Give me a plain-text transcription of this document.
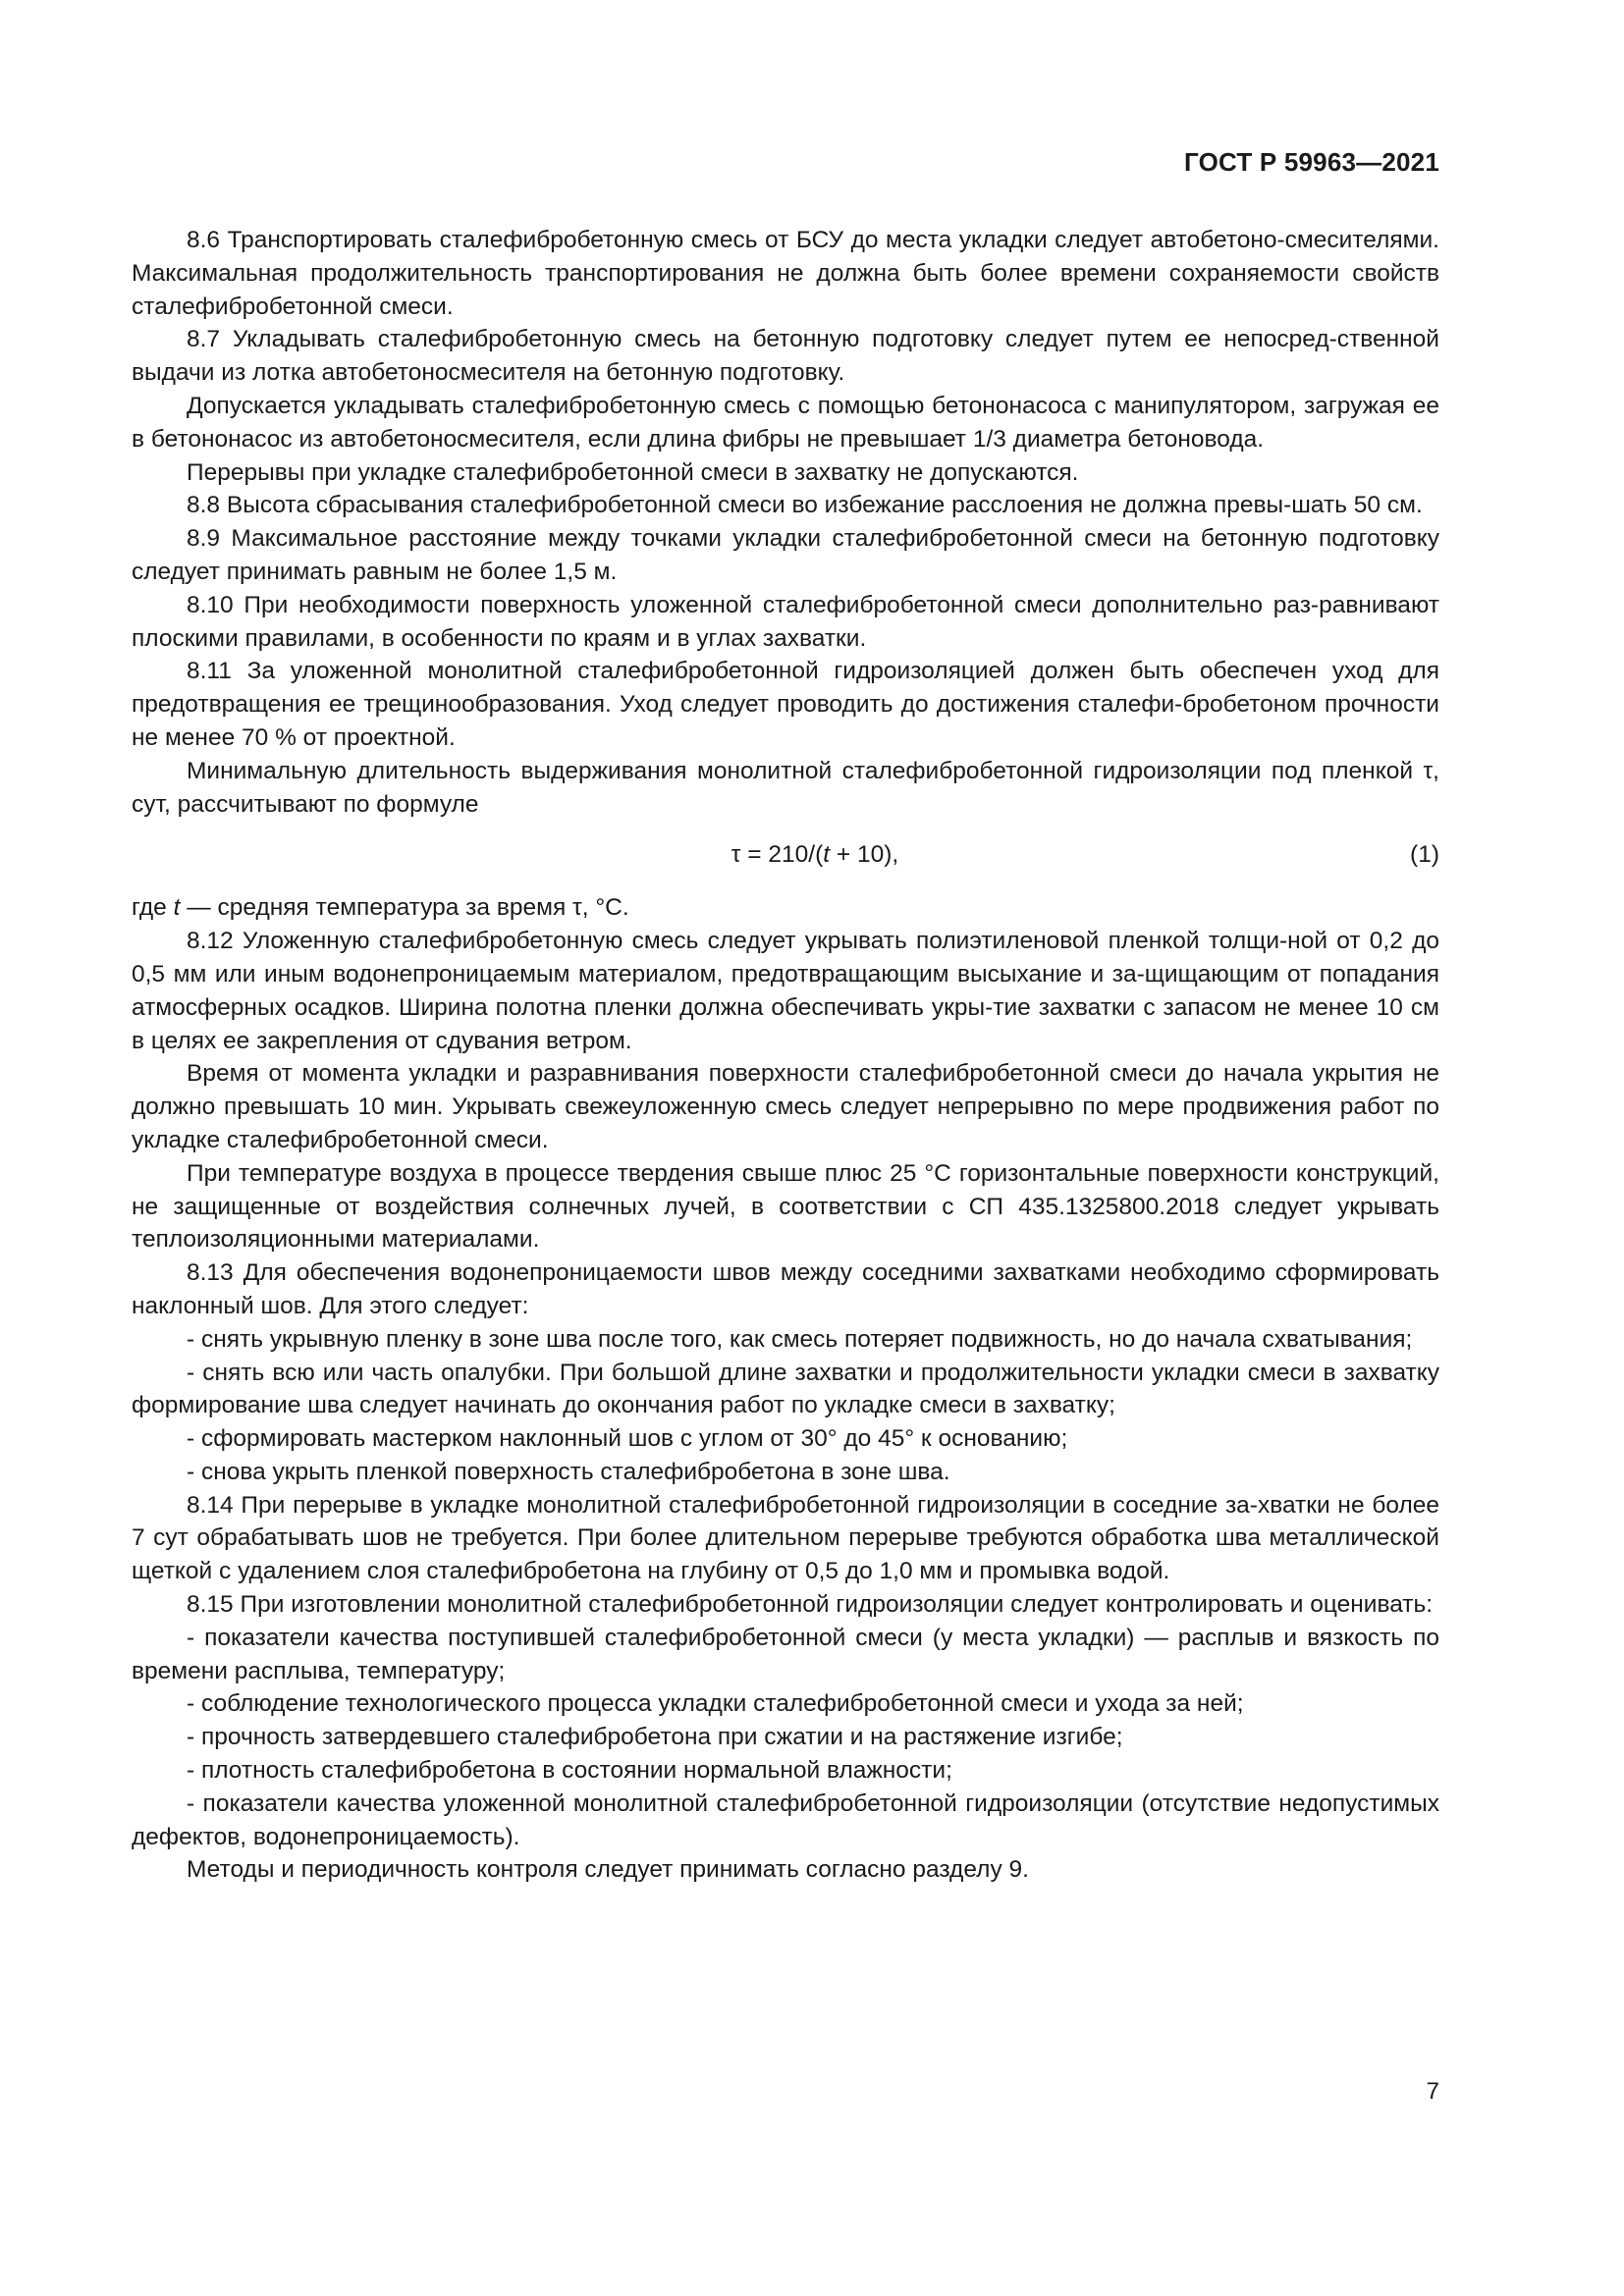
ГОСТ Р 59963—2021

8.6 Транспортировать сталефибробетонную смесь от БСУ до места укладки следует автобетоно-смесителями. Максимальная продолжительность транспортирования не должна быть более времени сохраняемости свойств сталефибробетонной смеси.

8.7 Укладывать сталефибробетонную смесь на бетонную подготовку следует путем ее непосред-ственной выдачи из лотка автобетоносмесителя на бетонную подготовку.

Допускается укладывать сталефибробетонную смесь с помощью бетононасоса с манипулятором, загружая ее в бетононасос из автобетоносмесителя, если длина фибры не превышает 1/3 диаметра бетоновода.

Перерывы при укладке сталефибробетонной смеси в захватку не допускаются.

8.8 Высота сбрасывания сталефибробетонной смеси во избежание расслоения не должна превы-шать 50 см.

8.9 Максимальное расстояние между точками укладки сталефибробетонной смеси на бетонную подготовку следует принимать равным не более 1,5 м.

8.10 При необходимости поверхность уложенной сталефибробетонной смеси дополнительно раз-равнивают плоскими правилами, в особенности по краям и в углах захватки.

8.11 За уложенной монолитной сталефибробетонной гидроизоляцией должен быть обеспечен уход для предотвращения ее трещинообразования. Уход следует проводить до достижения сталефи-бробетоном прочности не менее 70 % от проектной.

Минимальную длительность выдерживания монолитной сталефибробетонной гидроизоляции под пленкой τ, сут, рассчитывают по формуле

τ = 210/(t + 10),	(1)

где t — средняя температура за время τ, °С.

8.12 Уложенную сталефибробетонную смесь следует укрывать полиэтиленовой пленкой толщи-ной от 0,2 до 0,5 мм или иным водонепроницаемым материалом, предотвращающим высыхание и за-щищающим от попадания атмосферных осадков. Ширина полотна пленки должна обеспечивать укры-тие захватки с запасом не менее 10 см в целях ее закрепления от сдувания ветром.

Время от момента укладки и разравнивания поверхности сталефибробетонной смеси до начала укрытия не должно превышать 10 мин. Укрывать свежеуложенную смесь следует непрерывно по мере продвижения работ по укладке сталефибробетонной смеси.

При температуре воздуха в процессе твердения свыше плюс 25 °С горизонтальные поверхности конструкций, не защищенные от воздействия солнечных лучей, в соответствии с СП 435.1325800.2018 следует укрывать теплоизоляционными материалами.

8.13 Для обеспечения водонепроницаемости швов между соседними захватками необходимо сформировать наклонный шов. Для этого следует:

- снять укрывную пленку в зоне шва после того, как смесь потеряет подвижность, но до начала схватывания;

- снять всю или часть опалубки. При большой длине захватки и продолжительности укладки смеси в захватку формирование шва следует начинать до окончания работ по укладке смеси в захватку;

- сформировать мастерком наклонный шов с углом от 30° до 45° к основанию;

- снова укрыть пленкой поверхность сталефибробетона в зоне шва.

8.14 При перерыве в укладке монолитной сталефибробетонной гидроизоляции в соседние за-хватки не более 7 сут обрабатывать шов не требуется. При более длительном перерыве требуются обработка шва металлической щеткой с удалением слоя сталефибробетона на глубину от 0,5 до 1,0 мм и промывка водой.

8.15 При изготовлении монолитной сталефибробетонной гидроизоляции следует контролировать и оценивать:

- показатели качества поступившей сталефибробетонной смеси (у места укладки) — расплыв и вязкость по времени расплыва, температуру;

- соблюдение технологического процесса укладки сталефибробетонной смеси и ухода за ней;

- прочность затвердевшего сталефибробетона при сжатии и на растяжение изгибе;

- плотность сталефибробетона в состоянии нормальной влажности;

- показатели качества уложенной монолитной сталефибробетонной гидроизоляции (отсутствие недопустимых дефектов, водонепроницаемость).

Методы и периодичность контроля следует принимать согласно разделу 9.

7
